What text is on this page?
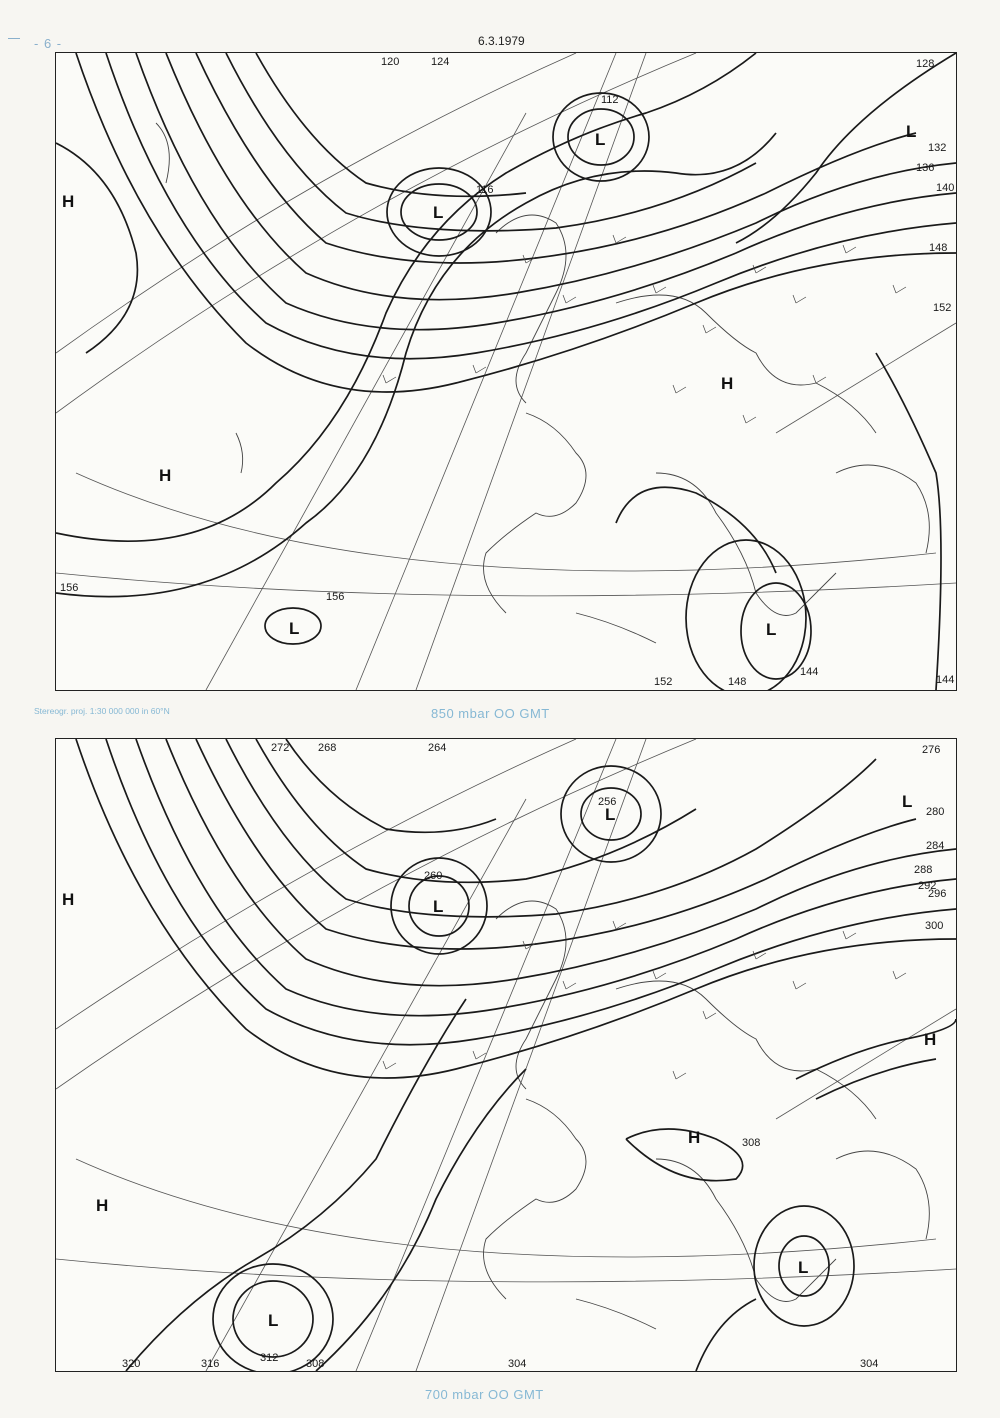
- 6 -	6.3.1979
156
152	148
144
140
136
132
128
124
120
116
112
156
152
148
144
H
H
H
L
L
L	L
L
Stereogr. proj. 1:30 000 000 in 60°N	850 mbar OO GMT
320	316	312	308	304
300
296
292
288
284
280
276
272	268	264
260
256
308
304
H
H
H
H
L
L
L
L
L
700 mbar OO GMT
